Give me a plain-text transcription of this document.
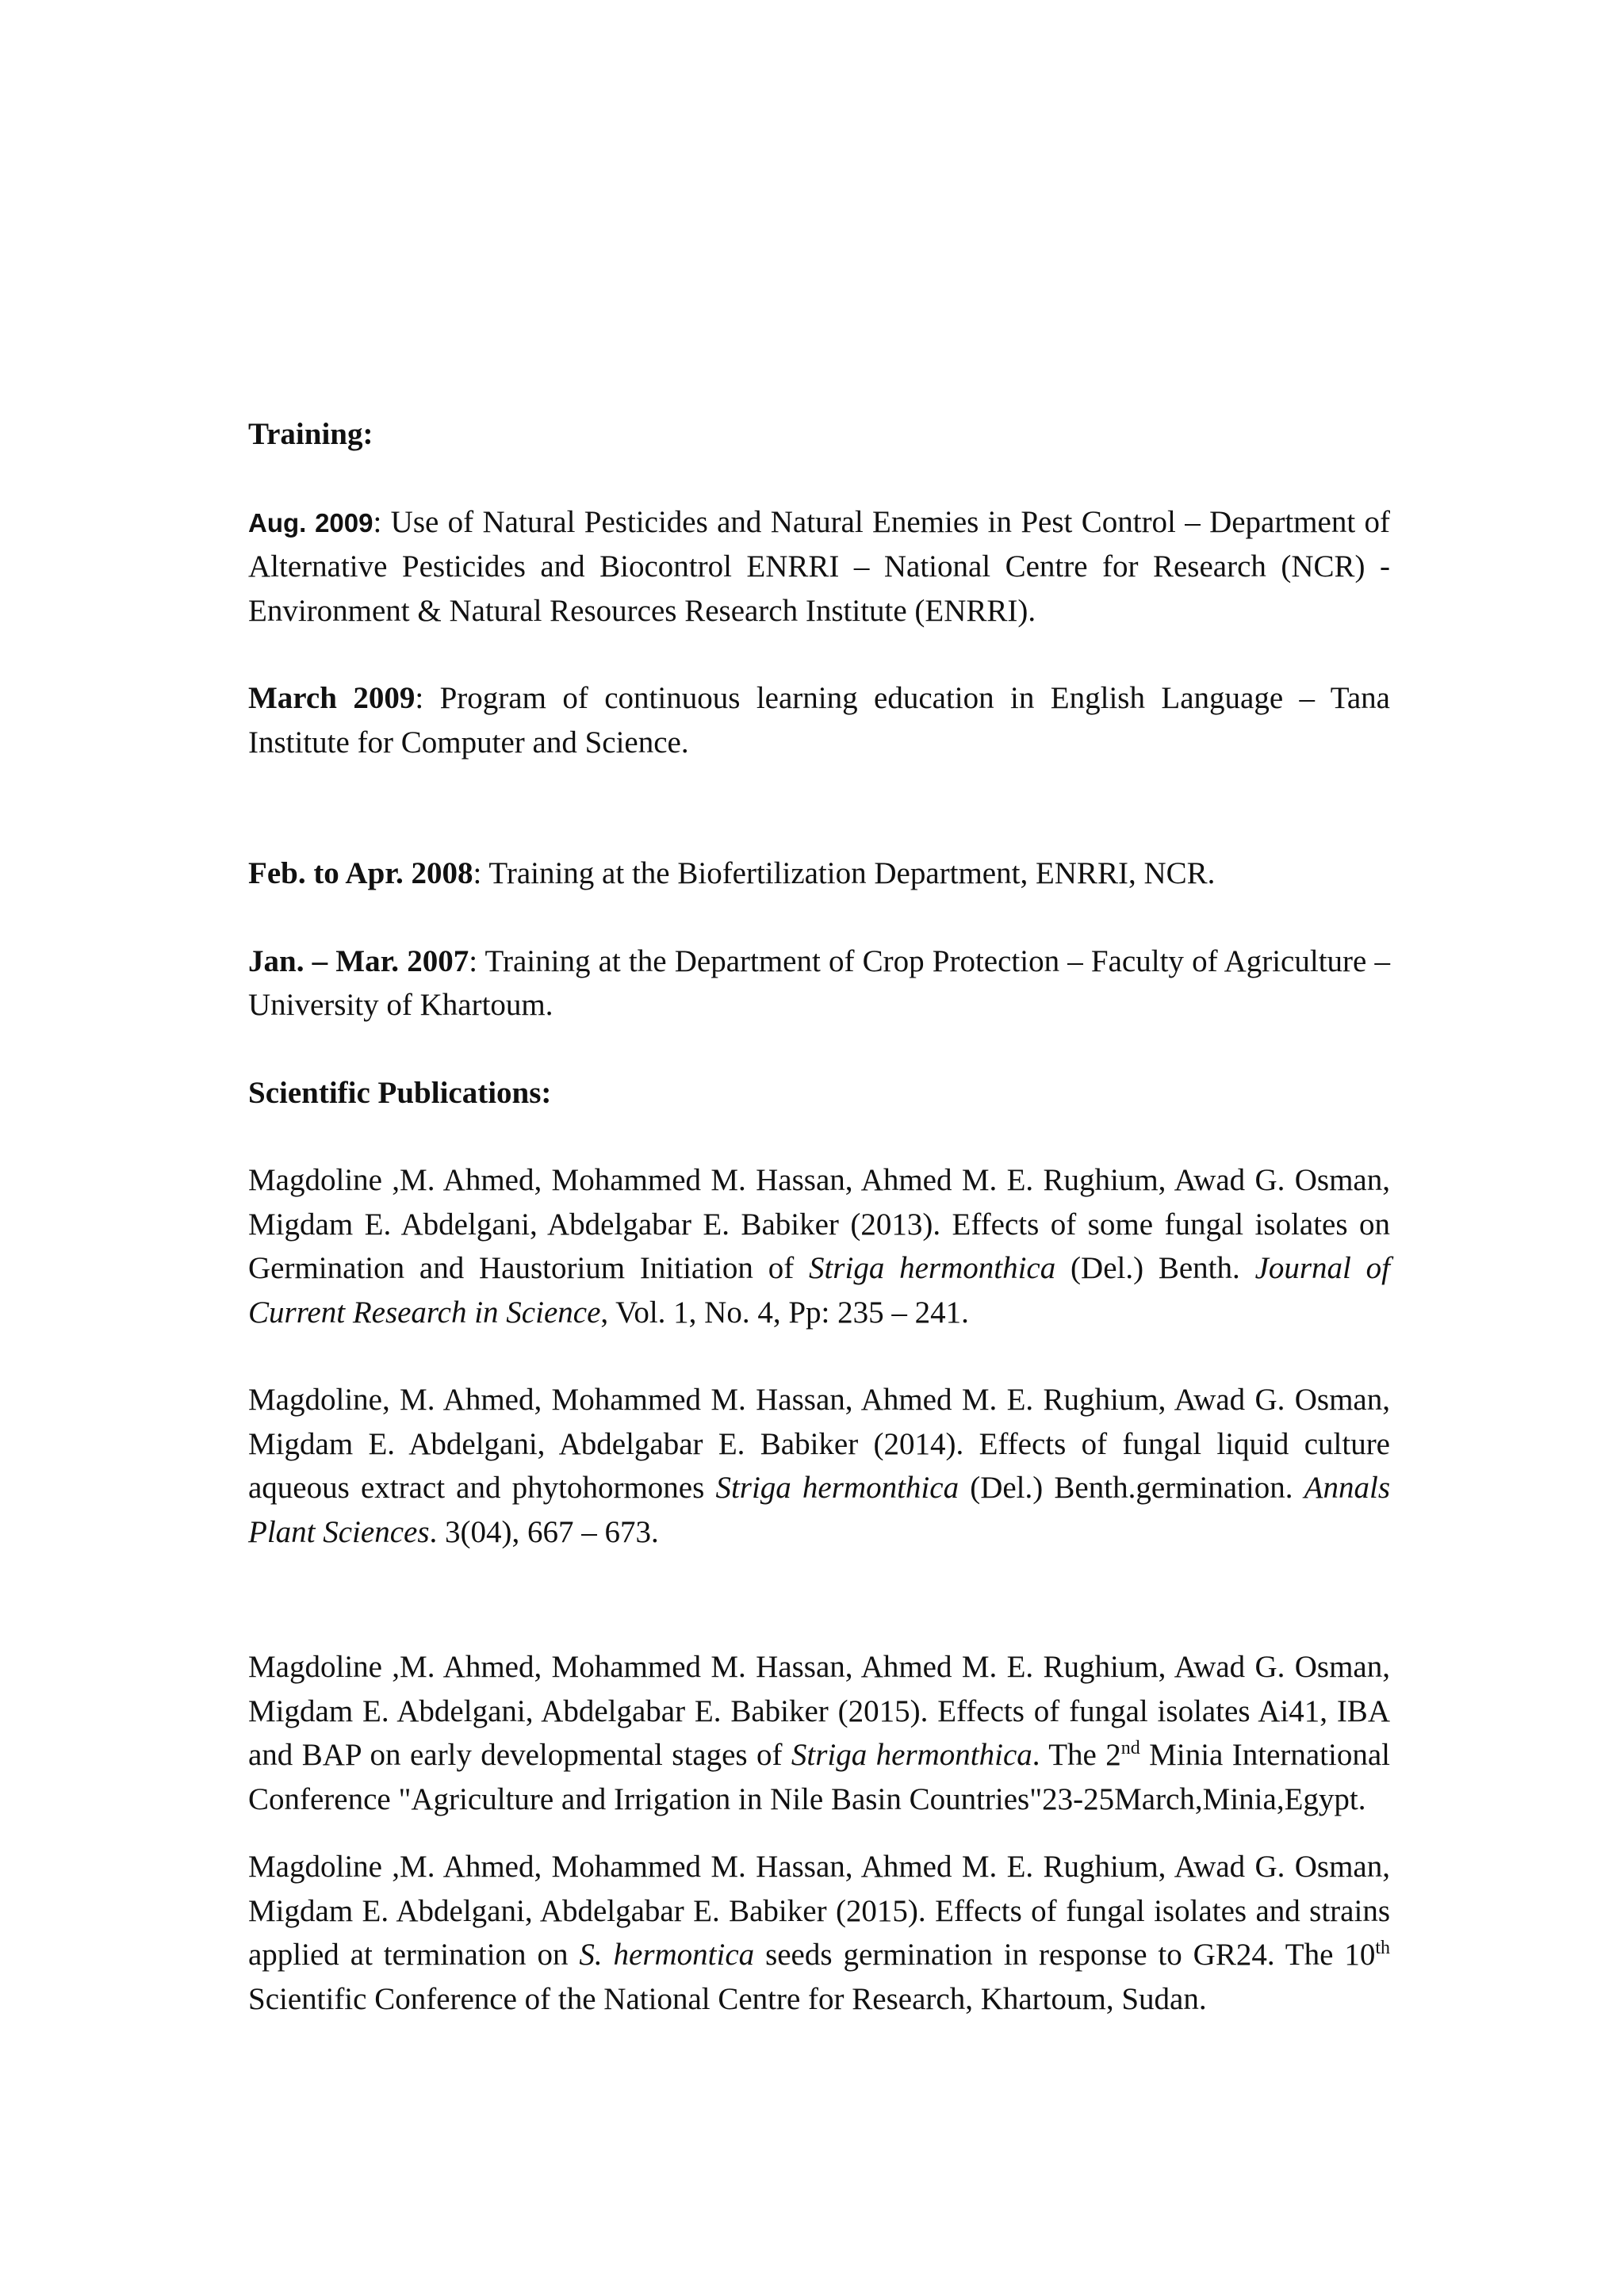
Training:

Aug. 2009: Use of Natural Pesticides and Natural Enemies in Pest Control – Department of Alternative Pesticides and Biocontrol ENRRI – National Centre for Research (NCR) - Environment & Natural Resources Research Institute (ENRRI).

March 2009: Program of continuous learning education in English Language – Tana Institute for Computer and Science.

Feb. to Apr. 2008: Training at the Biofertilization Department, ENRRI, NCR.

Jan. – Mar. 2007: Training at the Department of Crop Protection – Faculty of Agriculture – University of Khartoum.

Scientific Publications:

Magdoline ,M. Ahmed, Mohammed M. Hassan, Ahmed M. E. Rughium, Awad G. Osman, Migdam E. Abdelgani, Abdelgabar E. Babiker (2013). Effects of some fungal isolates on Germination and Haustorium Initiation of Striga hermonthica (Del.) Benth. Journal of Current Research in Science, Vol. 1, No. 4, Pp: 235 – 241.

Magdoline, M. Ahmed, Mohammed M. Hassan, Ahmed M. E. Rughium, Awad G. Osman, Migdam E. Abdelgani, Abdelgabar E. Babiker (2014). Effects of fungal liquid culture aqueous extract and phytohormones Striga hermonthica (Del.) Benth.germination. Annals Plant Sciences. 3(04), 667 – 673.

Magdoline ,M. Ahmed, Mohammed M. Hassan, Ahmed M. E. Rughium, Awad G. Osman, Migdam E. Abdelgani, Abdelgabar E. Babiker (2015). Effects of fungal isolates Ai41, IBA and BAP on early developmental stages of Striga hermonthica. The 2nd Minia International Conference "Agriculture and Irrigation in Nile Basin Countries"23-25March,Minia,Egypt.

Magdoline ,M. Ahmed, Mohammed M. Hassan, Ahmed M. E. Rughium, Awad G. Osman, Migdam E. Abdelgani, Abdelgabar E. Babiker (2015). Effects of fungal isolates and strains applied at termination on S. hermontica seeds germination in response to GR24. The 10th Scientific Conference of the National Centre for Research, Khartoum, Sudan.
